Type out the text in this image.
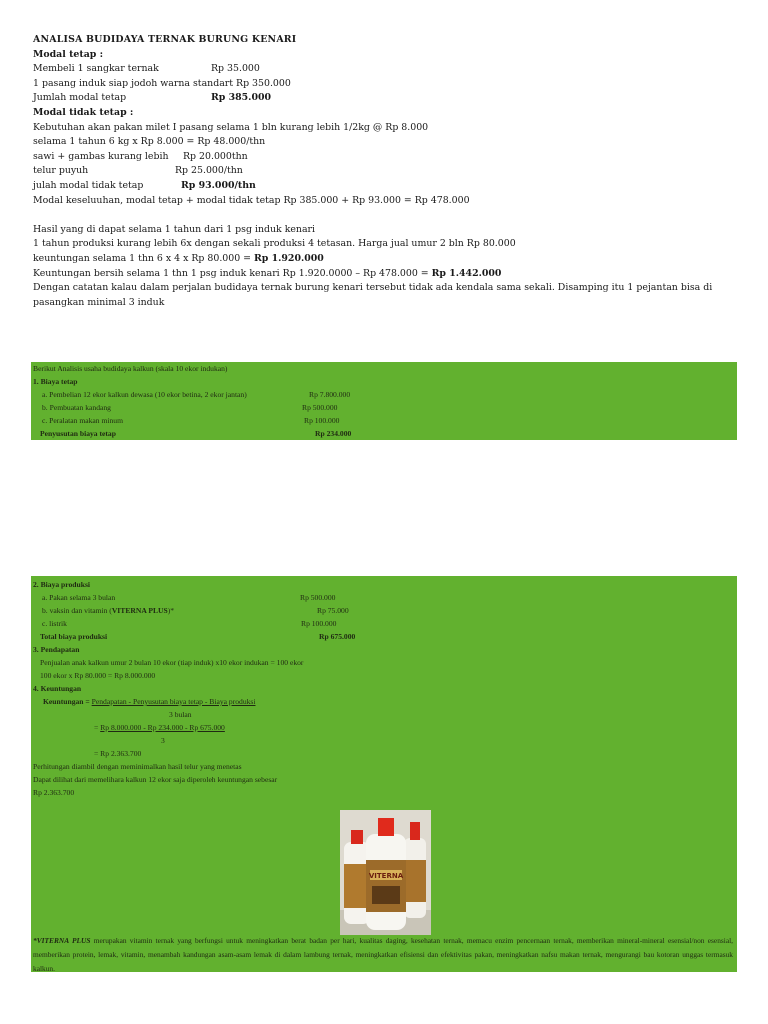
ANALISA BUDIDAYA TERNAK BURUNG KENARI
Modal tetap :
Membeli 1 sangkar ternak	Rp 35.000
1 pasang induk siap jodoh warna standart Rp 350.000
Jumlah modal tetap	Rp 385.000
Modal tidak tetap :
Kebutuhan akan pakan milet I pasang selama 1 bln kurang lebih 1/2kg @ Rp 8.000
selama 1 tahun 6 kg x Rp 8.000 = Rp 48.000/thn
sawi + gambas kurang lebih Rp 20.000thn
telur puyuh	Rp 25.000/thn
julah modal tidak tetap	Rp 93.000/thn
Modal keseluuhan, modal tetap + modal tidak tetap Rp 385.000 + Rp 93.000 = Rp 478.000

Hasil yang di dapat selama 1 tahun dari 1 psg induk kenari
1 tahun produksi kurang lebih 6x dengan sekali produksi 4 tetasan. Harga jual umur 2 bln Rp 80.000
keuntungan selama 1 thn 6 x 4 x Rp 80.000 = Rp 1.920.000
Keuntungan bersih selama 1 thn 1 psg induk kenari Rp 1.920.0000 – Rp 478.000 = Rp 1.442.000
Dengan catatan kalau dalam perjalan budidaya ternak burung kenari tersebut tidak ada kendala sama sekali. Disamping itu 1 pejantan bisa di pasangkan minimal 3 induk
Berikut Analisis usaha budidaya kalkun (skala 10 ekor indukan)
1. Biaya tetap
a. Pembelian 12 ekor kalkun dewasa (10 ekor betina, 2 ekor jantan)	Rp 7.800.000
b. Pembuatan kandang	Rp 500.000
c. Peralatan makan minum	Rp 100.000
Penyusutan biaya tetap	Rp 234.000
2. Biaya produksi
a. Pakan selama 3 bulan	Rp 500.000
b. vaksin dan vitamin (VITERNA PLUS)*	Rp 75.000
c. listrik	Rp 100.000
Total biaya produksi	Rp 675.000
3. Pendapatan
Penjualan anak kalkun umur 2 bulan 10 ekor (tiap induk) x10 ekor indukan = 100 ekor
100 ekor x Rp 80.000 = Rp 8.000.000
4. Keuntungan
Keuntungan = Pendapatan - Penyusutan biaya tetap - Biaya produksi
3 bulan
= Rp 8.000.000 - Rp 234.000 - Rp 675.000
3
= Rp 2.363.700
Perhitungan diambil dengan meminimalkan hasil telur yang menetas
Dapat dilihat dari memelihara kalkun 12 ekor saja diperoleh keuntungan sebesar
Rp 2.363.700
*VITERNA PLUS merupakan vitamin ternak yang berfungsi untuk meningkatkan berat badan per hari, kualitas daging, kesehatan ternak, memacu enzim pencernaan ternak, memberikan mineral-mineral esensial/non esensial, memberikan protein, lemak, vitamin, menambah kandungan asam-asam lemak di dalam lambung ternak, meningkatkan efisiensi dan efektivitas pakan, meningkatkan nafsu makan ternak, mengurangi bau kotoran unggas termasuk kalkun.
VITERNA
